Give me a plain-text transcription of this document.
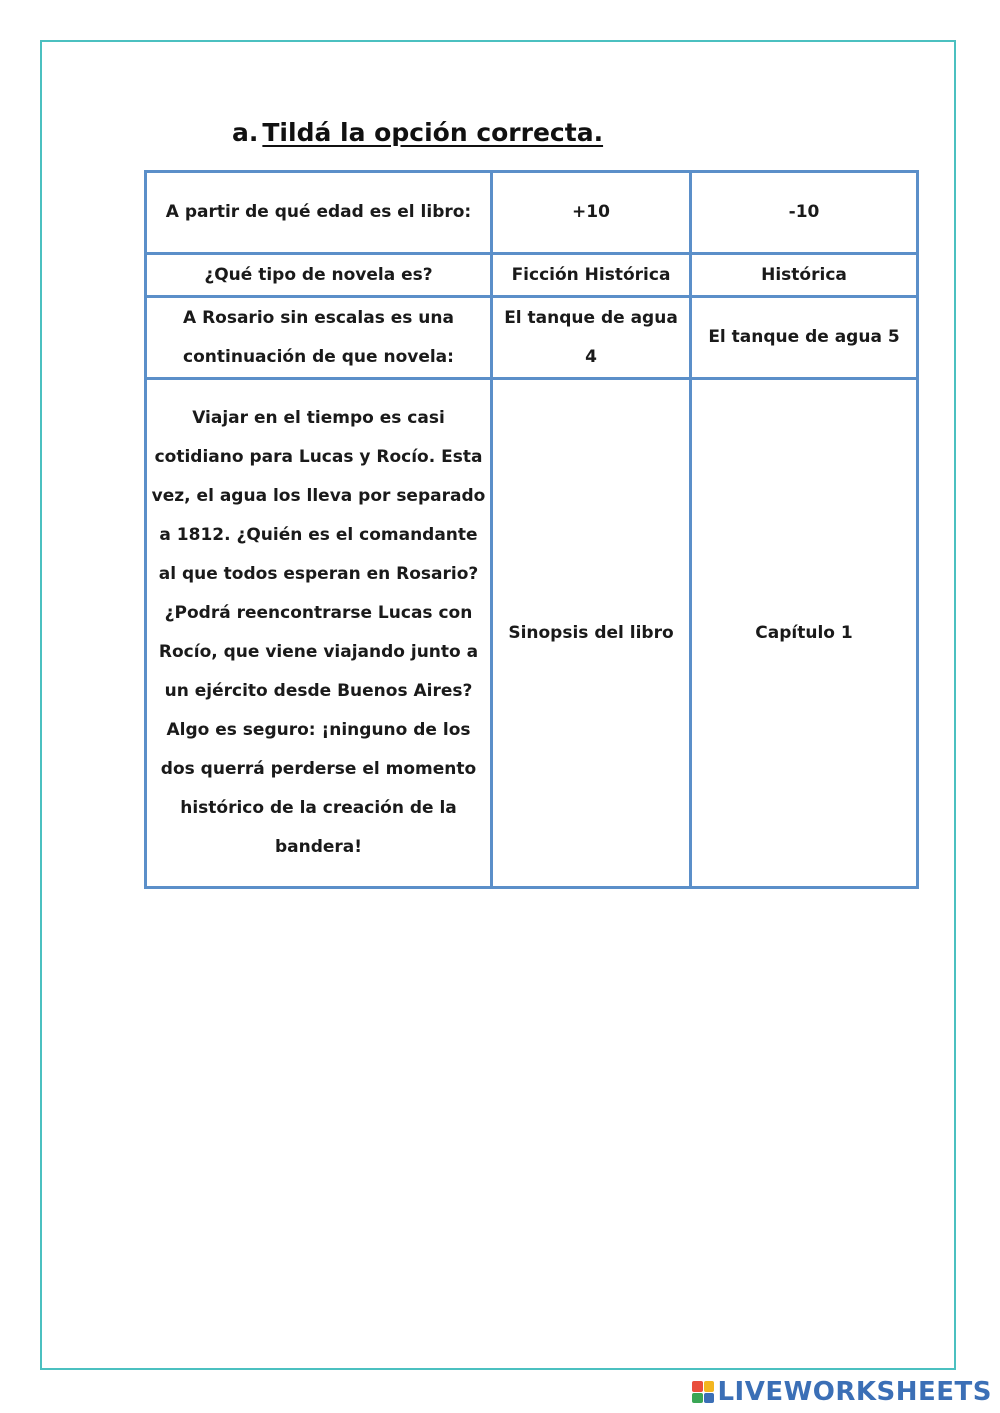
a. Tildá la opción correcta.
A partir de qué edad es el libro:	+10	-10
¿Qué tipo de novela es?	Ficción Histórica	Histórica
A Rosario sin escalas es una continuación de que novela:	El tanque de agua 4	El tanque de agua 5
Viajar en el tiempo es casi cotidiano para Lucas y Rocío. Esta vez, el agua los lleva por separado a 1812. ¿Quién es el comandante al que todos esperan en Rosario? ¿Podrá reencontrarse Lucas con Rocío, que viene viajando junto a un ejército desde Buenos Aires? Algo es seguro: ¡ninguno de los dos querrá perderse el momento histórico de la creación de la bandera!	Sinopsis del libro	Capítulo 1
LIVEWORKSHEETS
